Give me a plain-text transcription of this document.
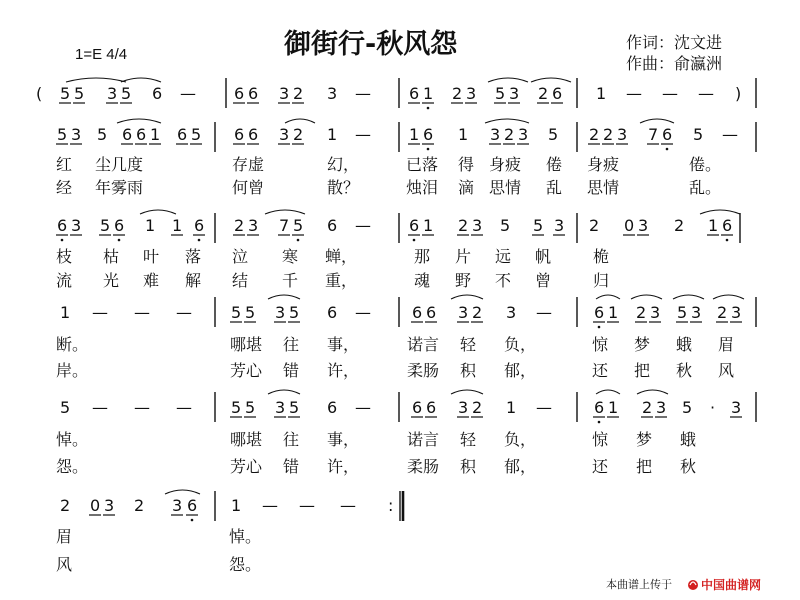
1=E 4/4	御街行-秋风怨	作词：沈文进
作曲：俞瀛洲
( 5 5 3 5 6 — 6 6 3 2 3 — 6 1 2 3 5 3 2 6 1 — — — )
5 3 5 6 6 1 6 5 6 6 3 2 1 — 1 6 1 3 2 3 5 2 2 3 7 6 5 —
红 尘几度	存虚	幻，	已落 得 身疲 倦 身疲	倦。
经 年雾雨	何曾	散？	烛泪 滴 思情 乱 思情	乱。
6 3 5 6 1 1 6 2 3 7 5 6 — 6 1 2 3 5 5 3 2 0 3 2 1 6
枝 枯 叶 落 泣 寒 蝉，	那 片 远 帆	桅
流 光 难 解 结 千 重，	魂 野 不 曾	归
1 — — — 5 5 3 5 6 —	6 6 3 2 3 —	6 1 2 3 5 3 2 3
断。	哪堪 往 事，	诺言 轻 负，	惊 梦 蛾 眉
岸。	芳心 错 许，	柔肠 积 郁，	还 把 秋 风
5 — — — 5 5 3 5 6 —	6 6 3 2 1 —	6 1 2 3 5 · 3
悼。	哪堪 往 事，	诺言 轻 负，	惊 梦 蛾
怨。	芳心 错 许，	柔肠 积 郁，	还 把 秋
2 0 3 2 3 6 1 — — — :
眉	悼。
风	怨。
本曲谱上传于 中国曲谱网
